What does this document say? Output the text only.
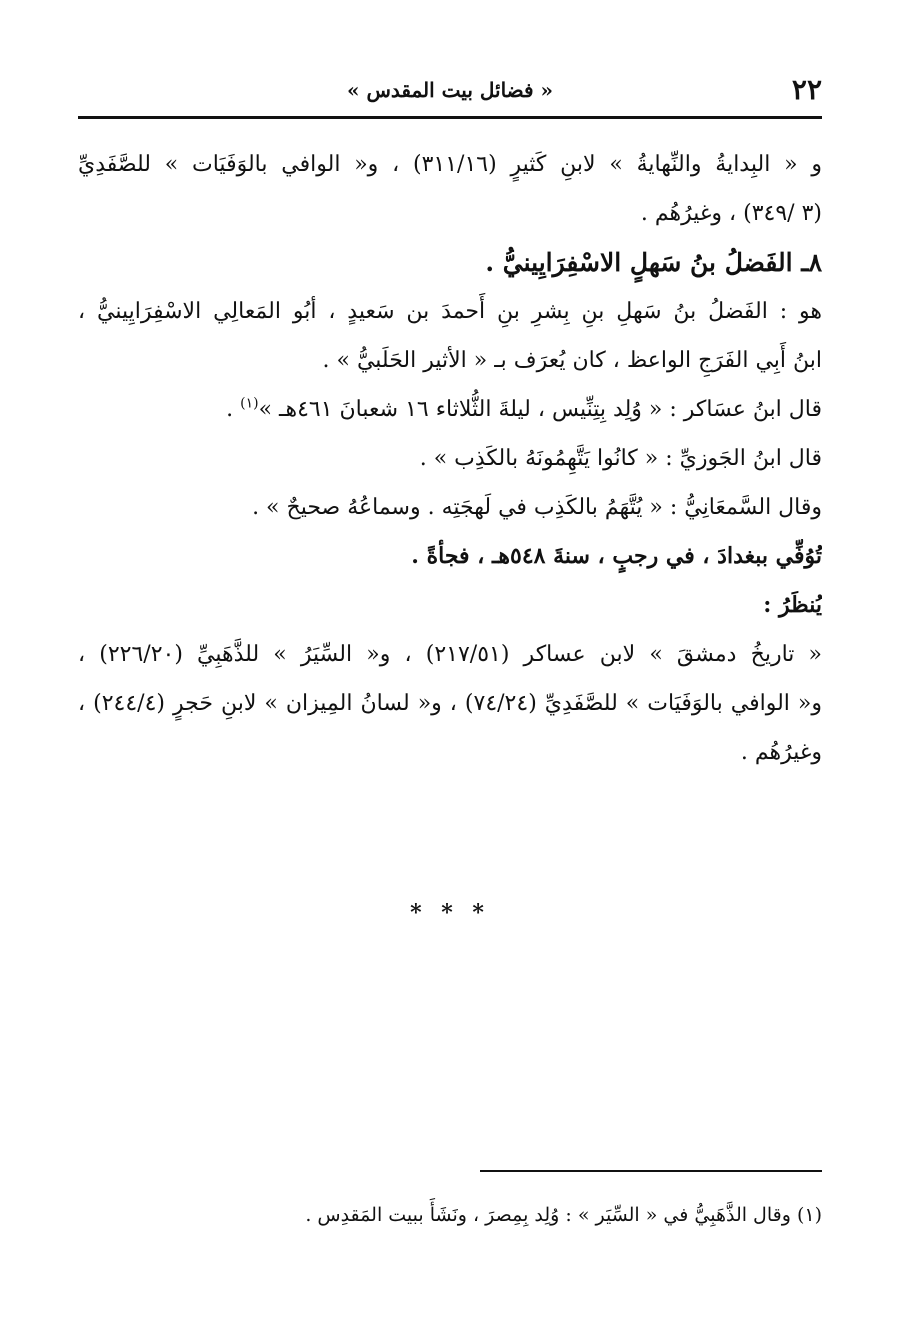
٢٢
« فضائل بيت المقدس »
و « البِدايةُ والنِّهايةُ » لابنِ كَثيرٍ (٣١١/١٦) ، و« الوافي بالوَفَيَات » للصَّفَدِيِّ
(٣ /٣٤٩) ، وغيرُهُم .
٨ـ الفَضلُ بنُ سَهلٍ الاسْفِرَايِينيُّ .
هو : الفَضلُ بنُ سَهلِ بنِ بِشرِ بنِ أَحمدَ بن سَعيدٍ ، أبُو المَعالِي الاسْفِرَايِينيُّ ،
ابنُ أَبِي الفَرَجِ الواعظ ، كان يُعرَف بـ « الأثير الحَلَبيُّ » .
قال ابنُ عسَاكر : « وُلِد بِتِنِّيس ، ليلةَ الثُّلاثاء ١٦ شعبانَ ٤٦١هـ »$^{(١)}$ .
قال ابنُ الجَوزيِّ : « كانُوا يَتَّهِمُونَهُ بالكَذِب » .
وقال السَّمعَانِيُّ : « يُتَّهَمُ بالكَذِب في لَهجَتِه . وسماعُهُ صحيحٌ » .
تُوُفِّي ببغدادَ ، في رجبٍ ، سنةَ ٥٤٨هـ ، فجأةً .
يُنظَرُ :
« تاريخُ دمشقَ » لابن عساكر (٢١٧/٥١) ، و« السِّيَرُ » للذَّهَبِيِّ (٢٢٦/٢٠) ،
و« الوافي بالوَفَيَات » للصَّفَدِيِّ (٧٤/٢٤) ، و« لسانُ المِيزان » لابنِ حَجرٍ (٢٤٤/٤) ،
وغيرُهُم .
* * *
(١) وقال الذَّهَبِيُّ في « السِّيَر » : وُلِد بِمِصرَ ، ونَشَأَ ببيت المَقدِس .
